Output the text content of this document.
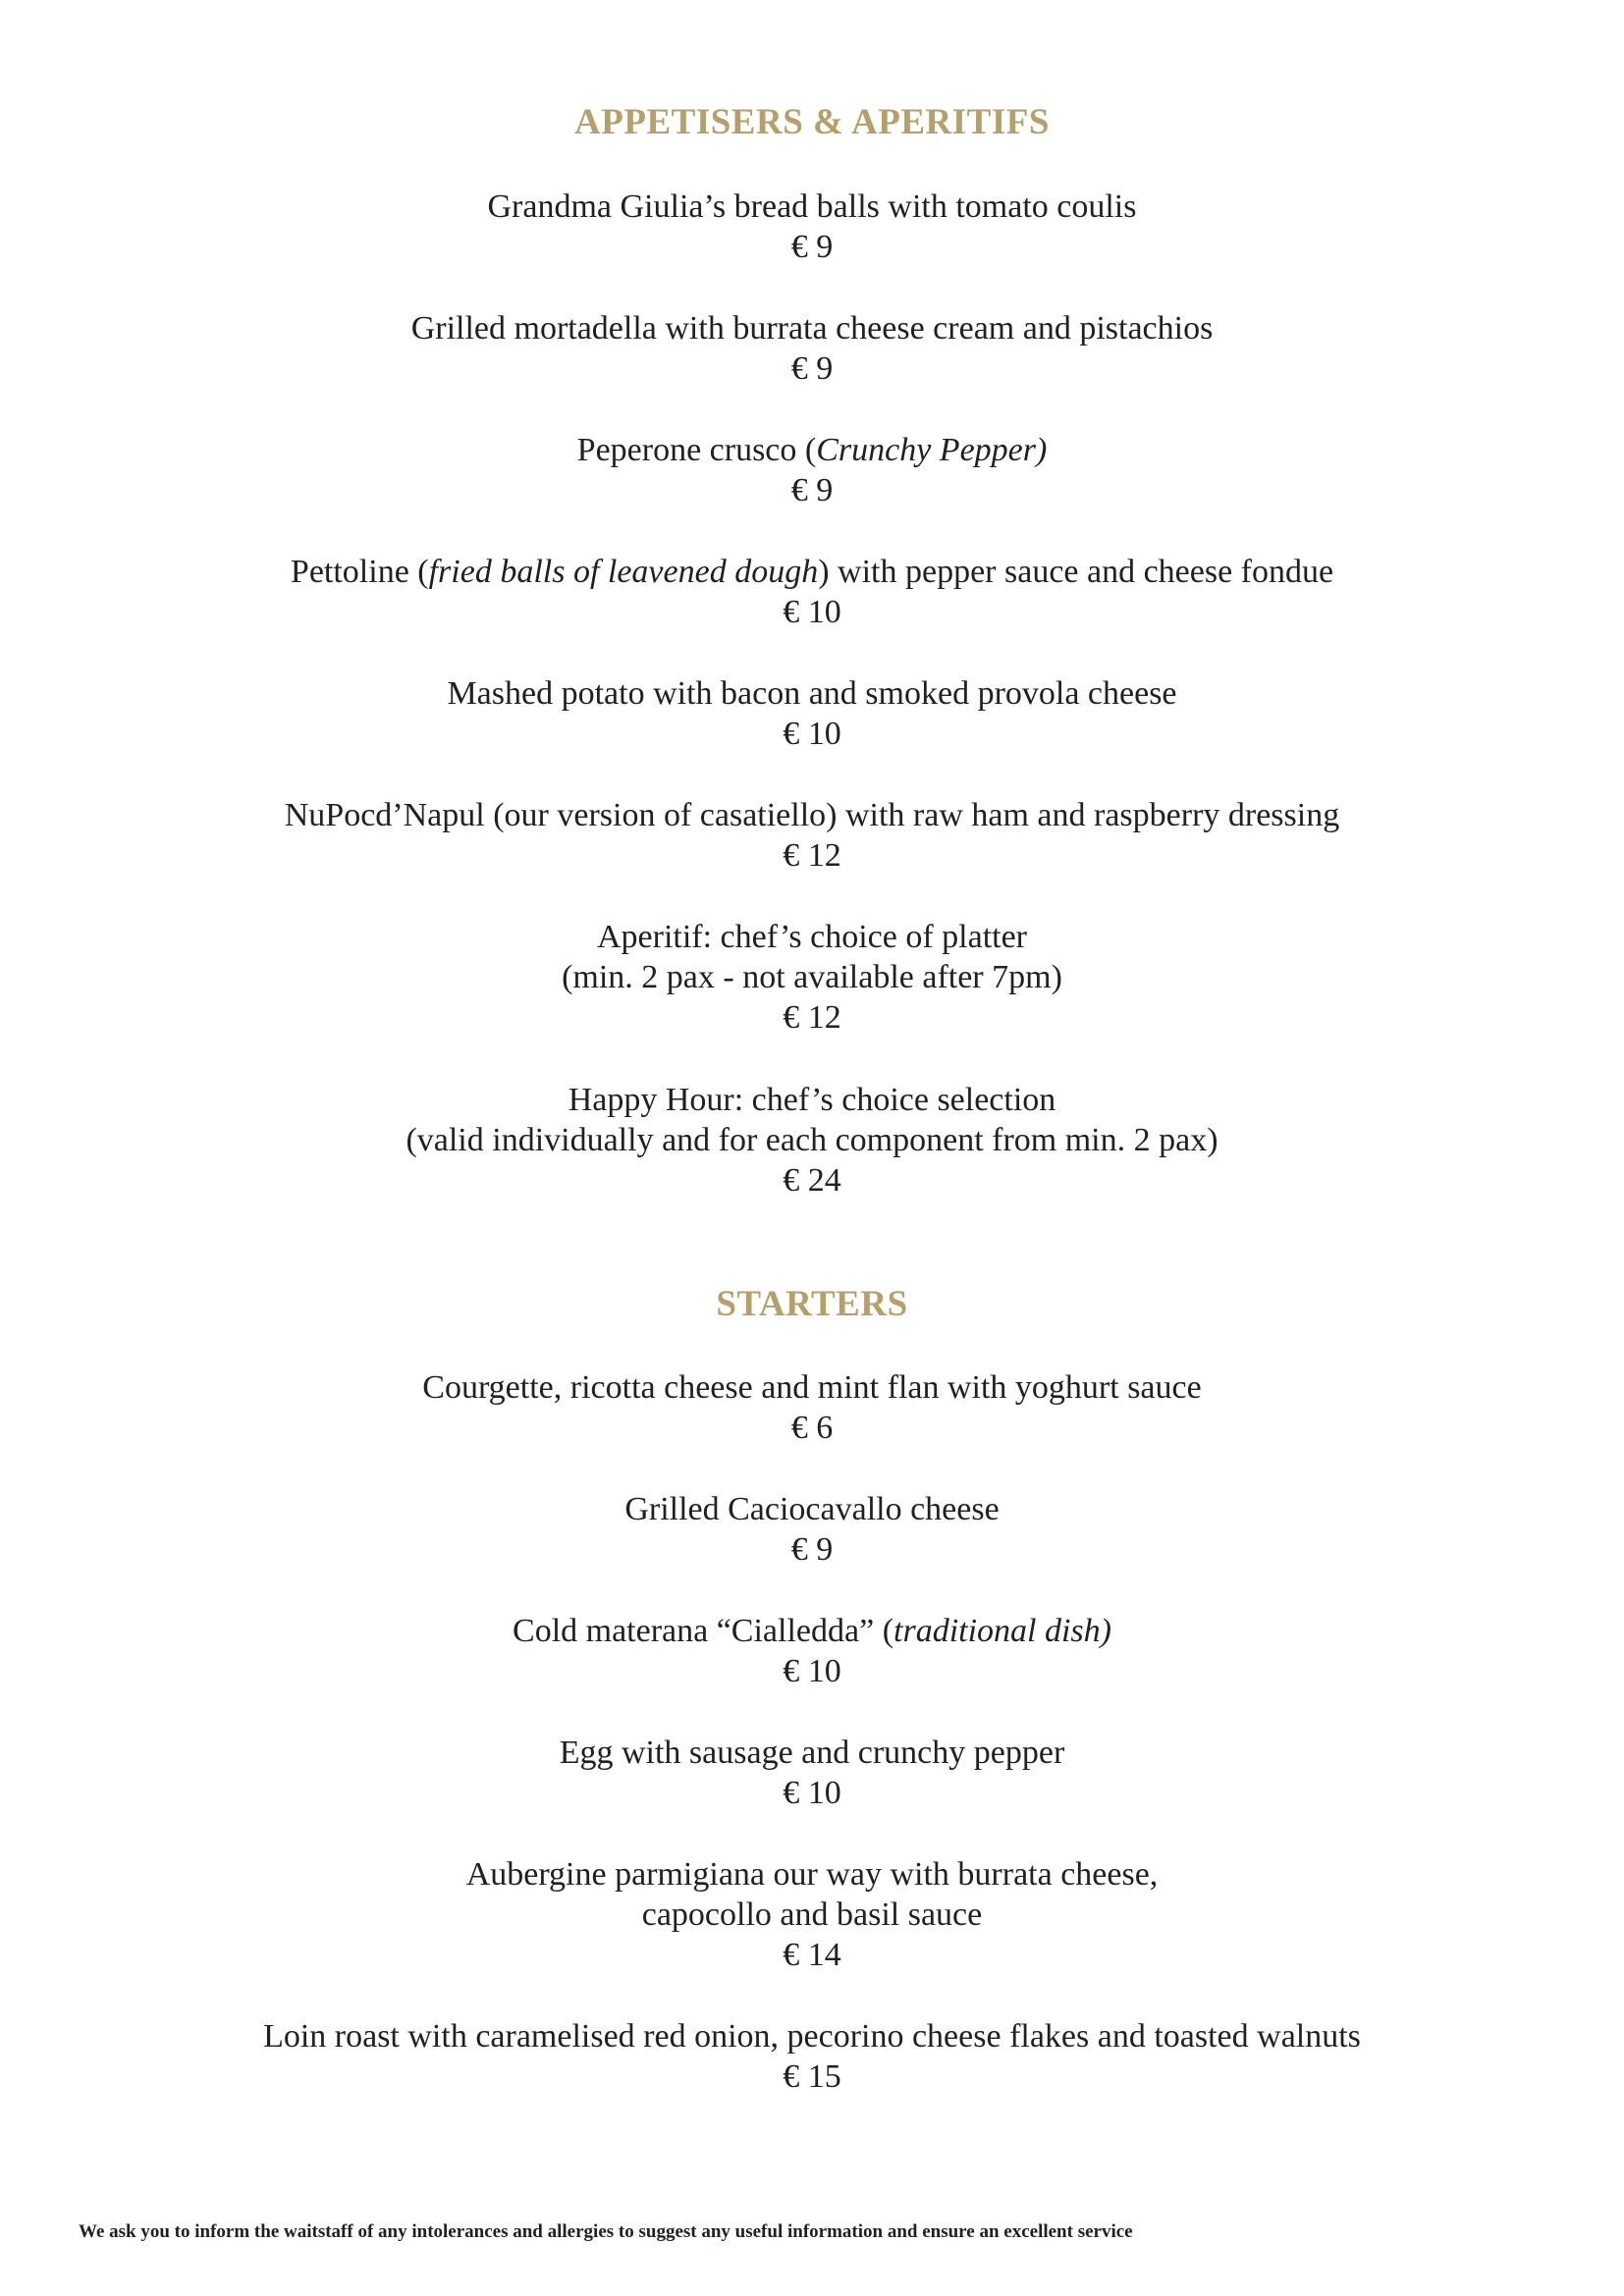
APPETISERS & APERITIFS
Grandma Giulia’s bread balls with tomato coulis
€ 9
Grilled mortadella with burrata cheese cream and pistachios
€ 9
Peperone crusco (Crunchy Pepper)
€ 9
Pettoline (fried balls of leavened dough) with pepper sauce and cheese fondue
€ 10
Mashed potato with bacon and smoked provola cheese
€ 10
NuPocd’Napul (our version of casatiello) with raw ham and raspberry dressing
€ 12
Aperitif: chef’s choice of platter
(min. 2 pax - not available after 7pm)
€ 12
Happy Hour: chef’s choice selection
(valid individually and for each component from min. 2 pax)
€ 24
STARTERS
Courgette, ricotta cheese and mint flan with yoghurt sauce
€ 6
Grilled Caciocavallo cheese
€ 9
Cold materana “Cialledda” (traditional dish)
€ 10
Egg with sausage and crunchy pepper
€ 10
Aubergine parmigiana our way with burrata cheese,
capocollo and basil sauce
€ 14
Loin roast with caramelised red onion, pecorino cheese flakes and toasted walnuts
€ 15
We ask you to inform the waitstaff of any intolerances and allergies to suggest any useful information and ensure an excellent service
